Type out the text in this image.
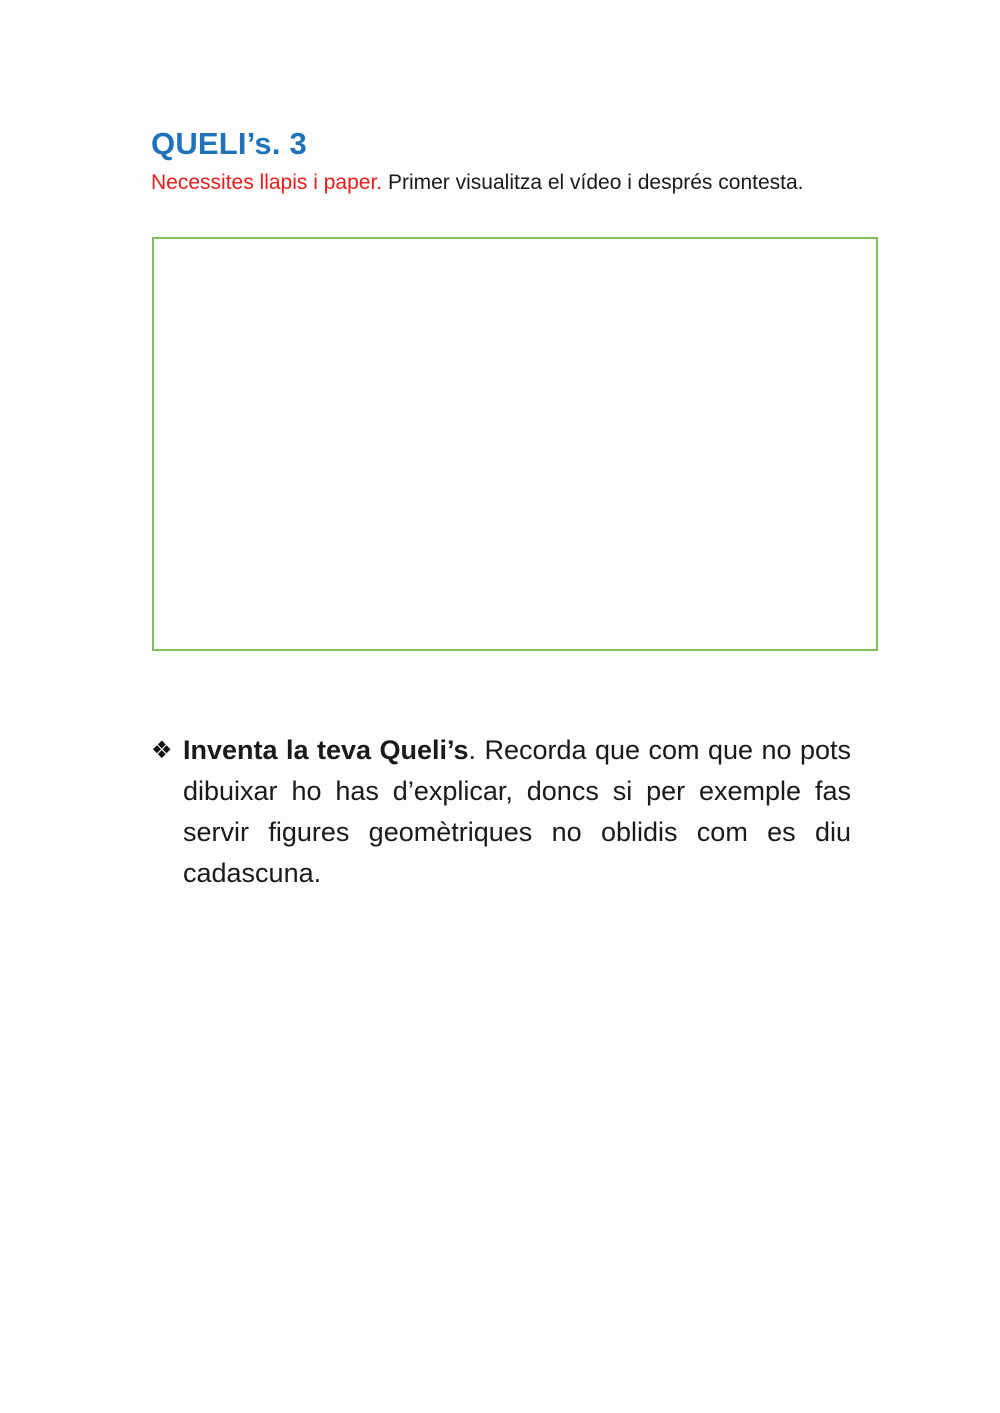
QUELI’s. 3

Necessites llapis i paper. Primer visualitza el vídeo i després contesta.

❖ Inventa la teva Queli’s. Recorda que com que no pots dibuixar ho has d’explicar, doncs si per exemple fas servir figures geomètriques no oblidis com es diu cadascuna.
